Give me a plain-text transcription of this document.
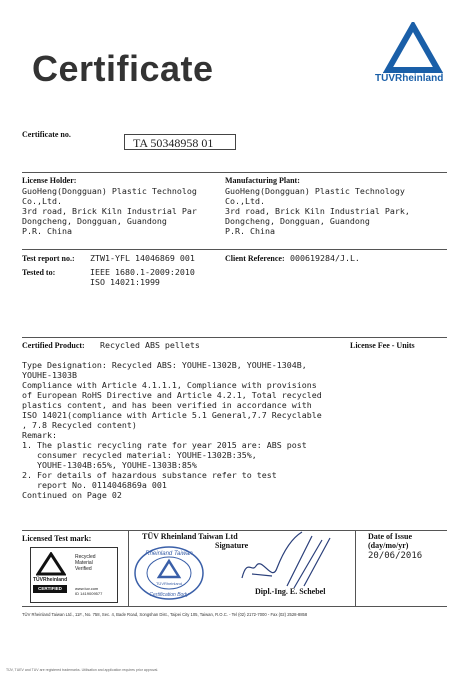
Certificate	TÜVRheinland
Certificate no.
TA 50348958 01
License Holder:
GuoHeng(Dongguan) Plastic Technolog
Co.,Ltd.
3rd road, Brick Kiln Industrial Par
Dongcheng, Dongguan, Guandong
P.R. China
Manufacturing Plant:
GuoHeng(Dongguan) Plastic Technology
Co.,Ltd.
3rd road, Brick Kiln Industrial Park,
Dongcheng, Dongguan, Guandong
P.R. China
Test report no.: ZTW1-YFL 14046869 001	Client Reference: 000619284/J.L.
Tested to:	IEEE 1680.1-2009:2010
ISO 14021:1999
Certified Product: Recycled ABS pellets	License Fee - Units
Type Designation: Recycled ABS: YOUHE-1302B, YOUHE-1304B,
YOUHE-1303B
Compliance with Article 4.1.1.1, Compliance with provisions
of European RoHS Directive and Article 4.2.1, Total recycled
plastics content, and has been verified in accordance with
ISO 14021(compliance with Article 5.1 General,7.7 Recyclable
, 7.8 Recycled content)
Remark:
1. The plastic recycling rate for year 2015 are: ABS post
consumer recycled material: YOUHE-1302B:35%,
YOUHE-1304B:65%, YOUHE-1303B:85%
2. For details of hazardous substance refer to test
report No. 0114046869a 001
Continued on Page 02
Licensed Test mark:
TÜVRheinland
CERTIFIED
Recycled
Material
Verified
www.tuv.com
ID 1419009577
TÜV Rheinland Taiwan Ltd
Signature
Rheinland Taiwan
TÜVRheinland
Certification Body	Dipl.-Ing. E. Schebel
Date of Issue
(day/mo/yr)
20/06/2016
TÜV Rheinland Taiwan Ltd., 11F., No. 758, Sec. 4, Bade Road, Songshan Dist., Taipei City 105, Taiwan, R.O.C. - Tel (02) 2172-7000 - Fax (02) 2528-8858
TÜV, TUEV and TUV are registered trademarks. Utilisation and application requires prior approval.
